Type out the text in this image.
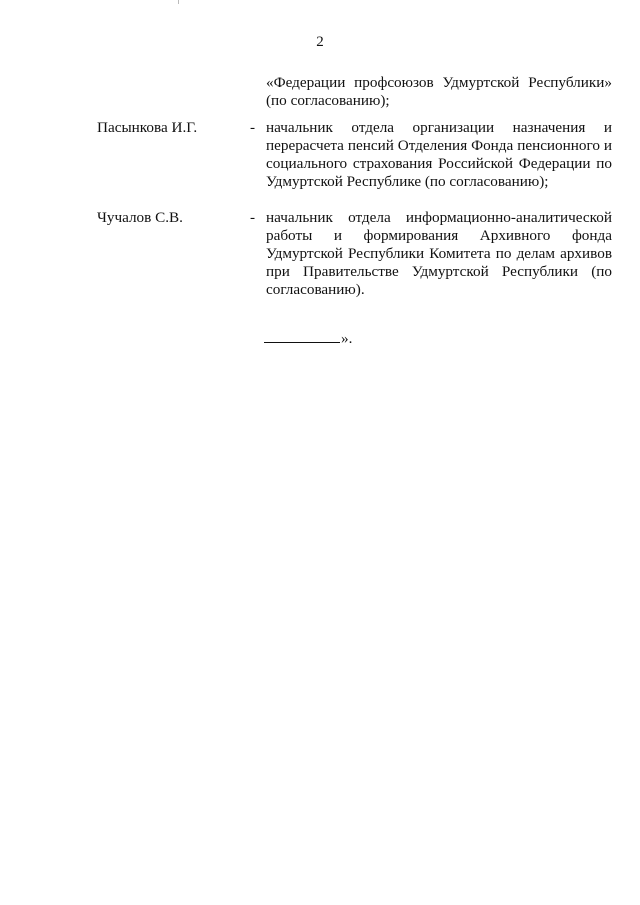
2
«Федерации профсоюзов Удмуртской Республики» (по согласованию);
Пасынкова И.Г.	- начальник отдела организации назначения и перерасчета пенсий Отделения Фонда пенсионного и социального страхования Российской Федерации по Удмуртской Республике (по согласованию);
Чучалов С.В.	- начальник отдела информационно-аналитической работы и формирования Архивного фонда Удмуртской Республики Комитета по делам архивов при Правительстве Удмуртской Республики (по согласованию).
».
